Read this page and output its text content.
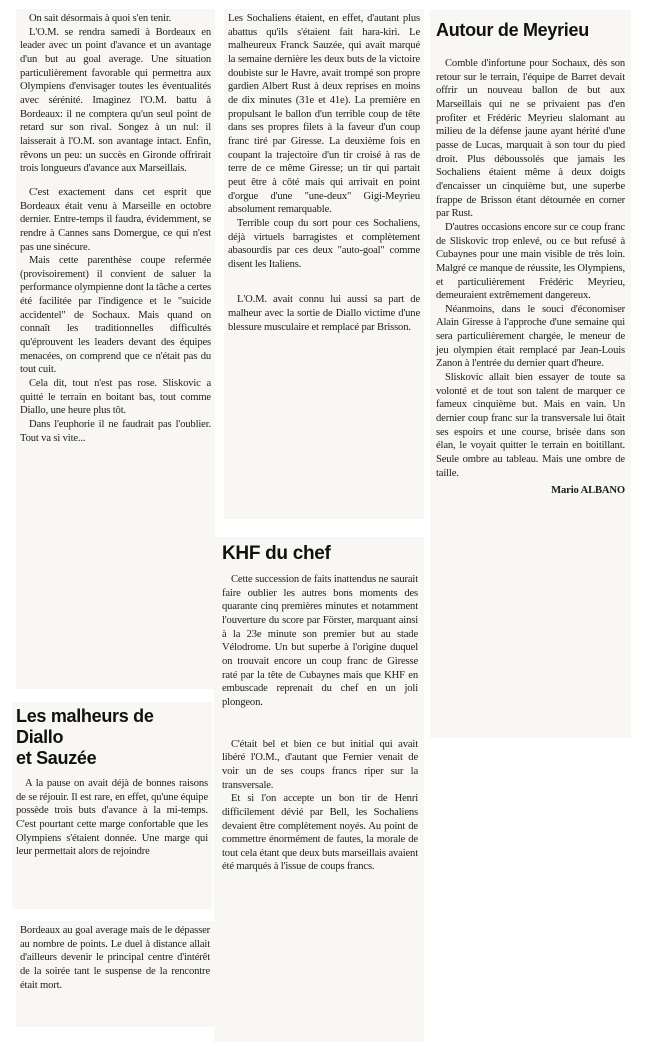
On sait désormais à quoi s'en tenir.

L'O.M. se rendra samedi à Bordeaux en leader avec un point d'avance et un avantage d'un but au goal average. Une situation particulièrement favorable qui permettra aux Olympiens d'envisager toutes les éventualités avec sérénité. Imaginez l'O.M. battu à Bordeaux: il ne comptera qu'un seul point de retard sur son rival. Songez à un nul: il laisserait à l'O.M. son avantage intact. Enfin, rêvons un peu: un succès en Gironde offrirait trois longueurs d'avance aux Marseillais.

C'est exactement dans cet esprit que Bordeaux était venu à Marseille en octobre dernier. Entre-temps il faudra, évidemment, se rendre à Cannes sans Domergue, ce qui n'est pas une sinécure.

Mais cette parenthèse coupe refermée (provisoirement) il convient de saluer la performance olympienne dont la tâche a certes été facilitée par l'indigence et le "suicide accidentel" de Sochaux. Mais quand on connaît les traditionnelles difficultés qu'éprouvent les leaders devant des équipes menacées, on comprend que ce n'était pas du tout cuit.

Cela dit, tout n'est pas rose. Sliskovic a quitté le terrain en boitant bas, tout comme Diallo, une heure plus tôt.

Dans l'euphorie il ne faudrait pas l'oublier. Tout va si vite...

Les malheurs de
Diallo
et Sauzée

A la pause on avait déjà de bonnes raisons de se réjouir. Il est rare, en effet, qu'une équipe possède trois buts d'avance à la mi-temps. C'est pourtant cette marge confortable que les Olympiens s'étaient donnée. Une marge qui leur permettait alors de rejoindre

Bordeaux au goal average mais de le dépasser au nombre de points. Le duel à distance allait d'ailleurs devenir le principal centre d'intérêt de la soirée tant le suspense de la rencontre était mort.

Les Sochaliens étaient, en effet, d'autant plus abattus qu'ils s'étaient fait hara-kiri. Le malheureux Franck Sauzée, qui avait marqué la semaine dernière les deux buts de la victoire doubiste sur le Havre, avait trompé son propre gardien Albert Rust à deux reprises en moins de dix minutes (31e et 41e). La première en propulsant le ballon d'un terrible coup de tête dans ses propres filets à la faveur d'un coup franc tiré par Giresse. La deuxième fois en coupant la trajectoire d'un tir croisé à ras de terre de ce même Giresse; un tir qui partait peut être à côté mais qui arrivait en point d'orgue d'une "une-deux" Gigi-Meyrieu absolument remarquable.

Terrible coup du sort pour ces Sochaliens, déjà virtuels barragistes et complètement abasourdis par ces deux "auto-goal" comme disent les Italiens.

L'O.M. avait connu lui aussi sa part de malheur avec la sortie de Diallo victime d'une blessure musculaire et remplacé par Brisson.

KHF du chef

Cette succession de faits inattendus ne saurait faire oublier les autres bons moments des quarante cinq premières minutes et notamment l'ouverture du score par Förster, marquant ainsi à la 23e minute son premier but au stade Vélodrome. Un but superbe à l'origine duquel on trouvait encore un coup franc de Giresse raté par la tête de Cubaynes mais que KHF en embuscade reprenait du chef en un joli plongeon.

C'était bel et bien ce but initial qui avait libéré l'O.M., d'autant que Fernier venait de voir un de ses coups francs riper sur la transversale.

Et si l'on accepte un bon tir de Henri difficilement dévié par Bell, les Sochaliens devaient être complètement noyés. Au point de commettre énormément de fautes, la morale de tout cela étant que deux buts marseillais avaient été marqués à l'issue de coups francs.

Autour de Meyrieu

Comble d'infortune pour Sochaux, dès son retour sur le terrain, l'équipe de Barret devait offrir un nouveau ballon de but aux Marseillais qui ne se privaient pas d'en profiter et Frédéric Meyrieu slalomant au milieu de la défense jaune ayant hérité d'une passe de Lucas, marquait à son tour du pied droit. Plus déboussolés que jamais les Sochaliens étaient même à deux doigts d'encaisser un cinquième but, une superbe frappe de Brisson étant détournée en corner par Rust.

D'autres occasions encore sur ce coup franc de Sliskovic trop enlevé, ou ce but refusé à Cubaynes pour une main visible de très loin. Malgré ce manque de réussite, les Olympiens, et particulièrement Frédéric Meyrieu, demeuraient extrêmement dangereux.

Néanmoins, dans le souci d'économiser Alain Giresse à l'approche d'une semaine qui sera particulièrement chargée, le meneur de jeu olympien était remplacé par Jean-Louis Zanon à l'entrée du dernier quart d'heure.

Sliskovic allait bien essayer de toute sa volonté et de tout son talent de marquer ce fameux cinquième but. Mais en vain. Un dernier coup franc sur la transversale lui ôtait ses espoirs et une course, brisée dans son élan, le voyait quitter le terrain en boitillant. Seule ombre au tableau. Mais une ombre de taille.

Mario ALBANO
